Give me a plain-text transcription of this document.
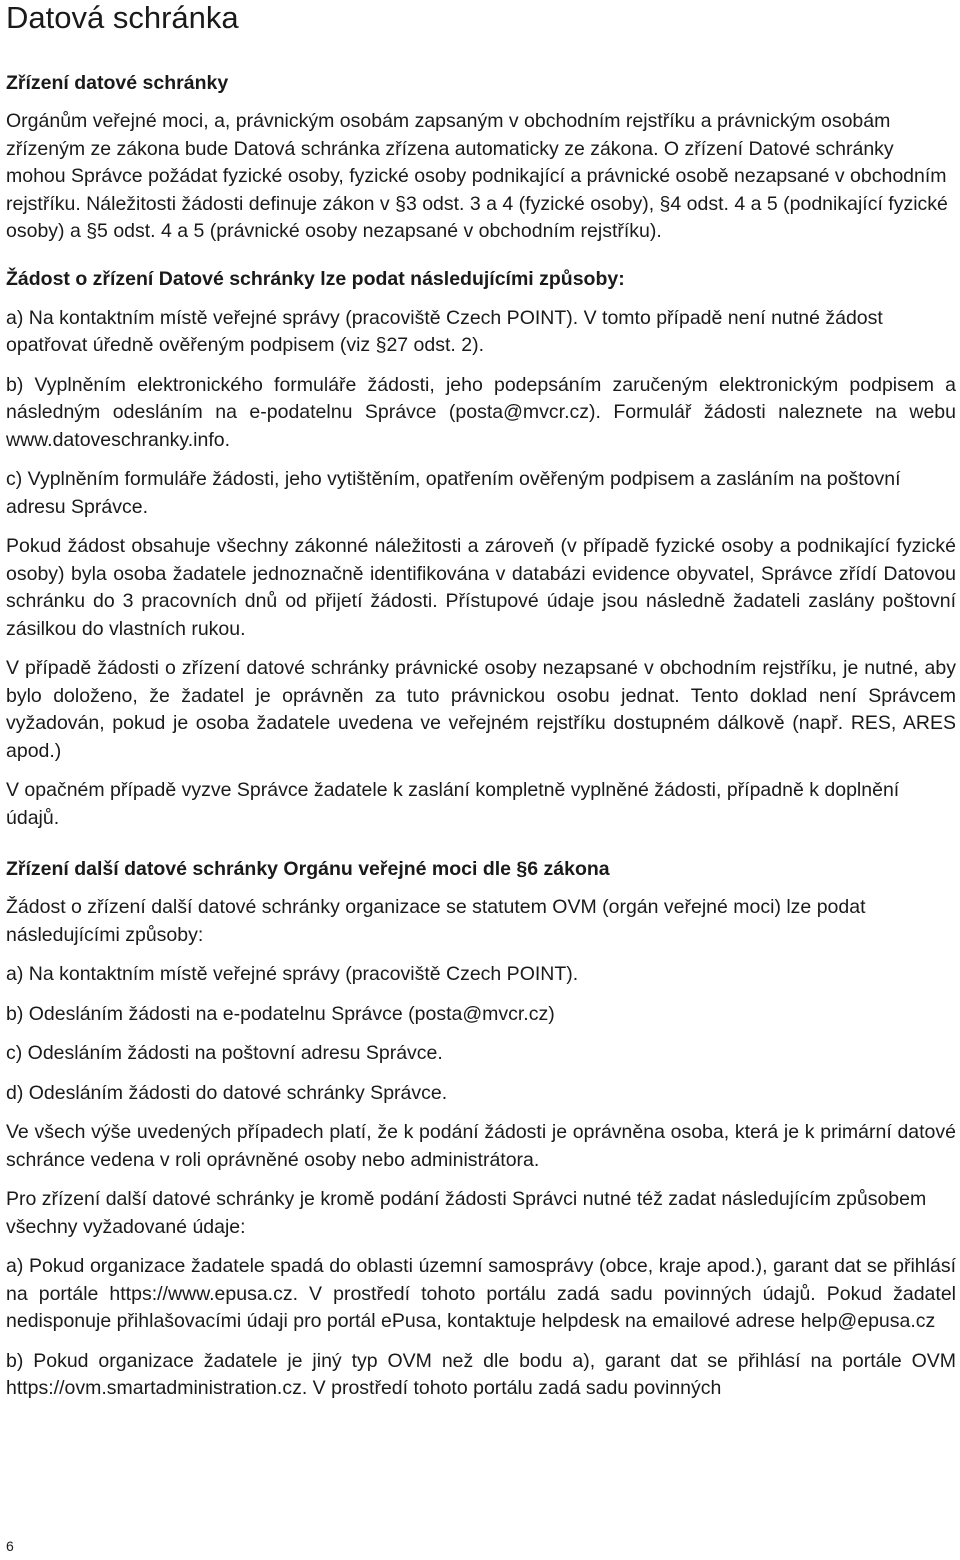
Datová schránka
Zřízení datové schránky

Orgánům veřejné moci, a, právnickým osobám zapsaným v obchodním rejstříku a právnickým osobám zřízeným ze zákona bude Datová schránka zřízena automaticky ze zákona. O zřízení Datové schránky mohou Správce požádat fyzické osoby, fyzické osoby podnikající a právnické osobě nezapsané v obchodním rejstříku. Náležitosti žádosti definuje zákon v §3 odst. 3 a 4 (fyzické osoby), §4 odst. 4 a 5 (podnikající fyzické osoby) a §5 odst. 4 a 5 (právnické osoby nezapsané v obchodním rejstříku).

Žádost o zřízení Datové schránky lze podat následujícími způsoby:

a) Na kontaktním místě veřejné správy (pracoviště Czech POINT). V tomto případě není nutné žádost opatřovat úředně ověřeným podpisem (viz §27 odst. 2).

b) Vyplněním elektronického formuláře žádosti, jeho podepsáním zaručeným elektronickým podpisem a následným odesláním na e-podatelnu Správce (posta@mvcr.cz). Formulář žádosti naleznete na webu www.datoveschranky.info.

c) Vyplněním formuláře žádosti, jeho vytištěním, opatřením ověřeným podpisem a zasláním na poštovní adresu Správce.

Pokud žádost obsahuje všechny zákonné náležitosti a zároveň (v případě fyzické osoby a podnikající fyzické osoby) byla osoba žadatele jednoznačně identifikována v databázi evidence obyvatel, Správce zřídí Datovou schránku do 3 pracovních dnů od přijetí žádosti. Přístupové údaje jsou následně žadateli zaslány poštovní zásilkou do vlastních rukou.

V případě žádosti o zřízení datové schránky právnické osoby nezapsané v obchodním rejstříku, je nutné, aby bylo doloženo, že žadatel je oprávněn za tuto právnickou osobu jednat. Tento doklad není Správcem vyžadován, pokud je osoba žadatele uvedena ve veřejném rejstříku dostupném dálkově (např. RES, ARES apod.)

V opačném případě vyzve Správce žadatele k zaslání kompletně vyplněné žádosti, případně k doplnění údajů.

Zřízení další datové schránky Orgánu veřejné moci dle §6 zákona

Žádost o zřízení další datové schránky organizace se statutem OVM (orgán veřejné moci) lze podat následujícími způsoby:

a) Na kontaktním místě veřejné správy (pracoviště Czech POINT).

b) Odesláním žádosti na e-podatelnu Správce (posta@mvcr.cz)

c) Odesláním žádosti na poštovní adresu Správce.

d) Odesláním žádosti do datové schránky Správce.

Ve všech výše uvedených případech platí, že k podání žádosti je oprávněna osoba, která je k primární datové schránce vedena v roli oprávněné osoby nebo administrátora.

Pro zřízení další datové schránky je kromě podání žádosti Správci nutné též zadat následujícím způsobem všechny vyžadované údaje:

a) Pokud organizace žadatele spadá do oblasti územní samosprávy (obce, kraje apod.), garant dat se přihlásí na portále https://www.epusa.cz. V prostředí tohoto portálu zadá sadu povinných údajů. Pokud žadatel nedisponuje přihlašovacími údaji pro portál ePusa, kontaktuje helpdesk na emailové adrese help@epusa.cz

b) Pokud organizace žadatele je jiný typ OVM než dle bodu a), garant dat se přihlásí na portále OVM https://ovm.smartadministration.cz. V prostředí tohoto portálu zadá sadu povinných

6
